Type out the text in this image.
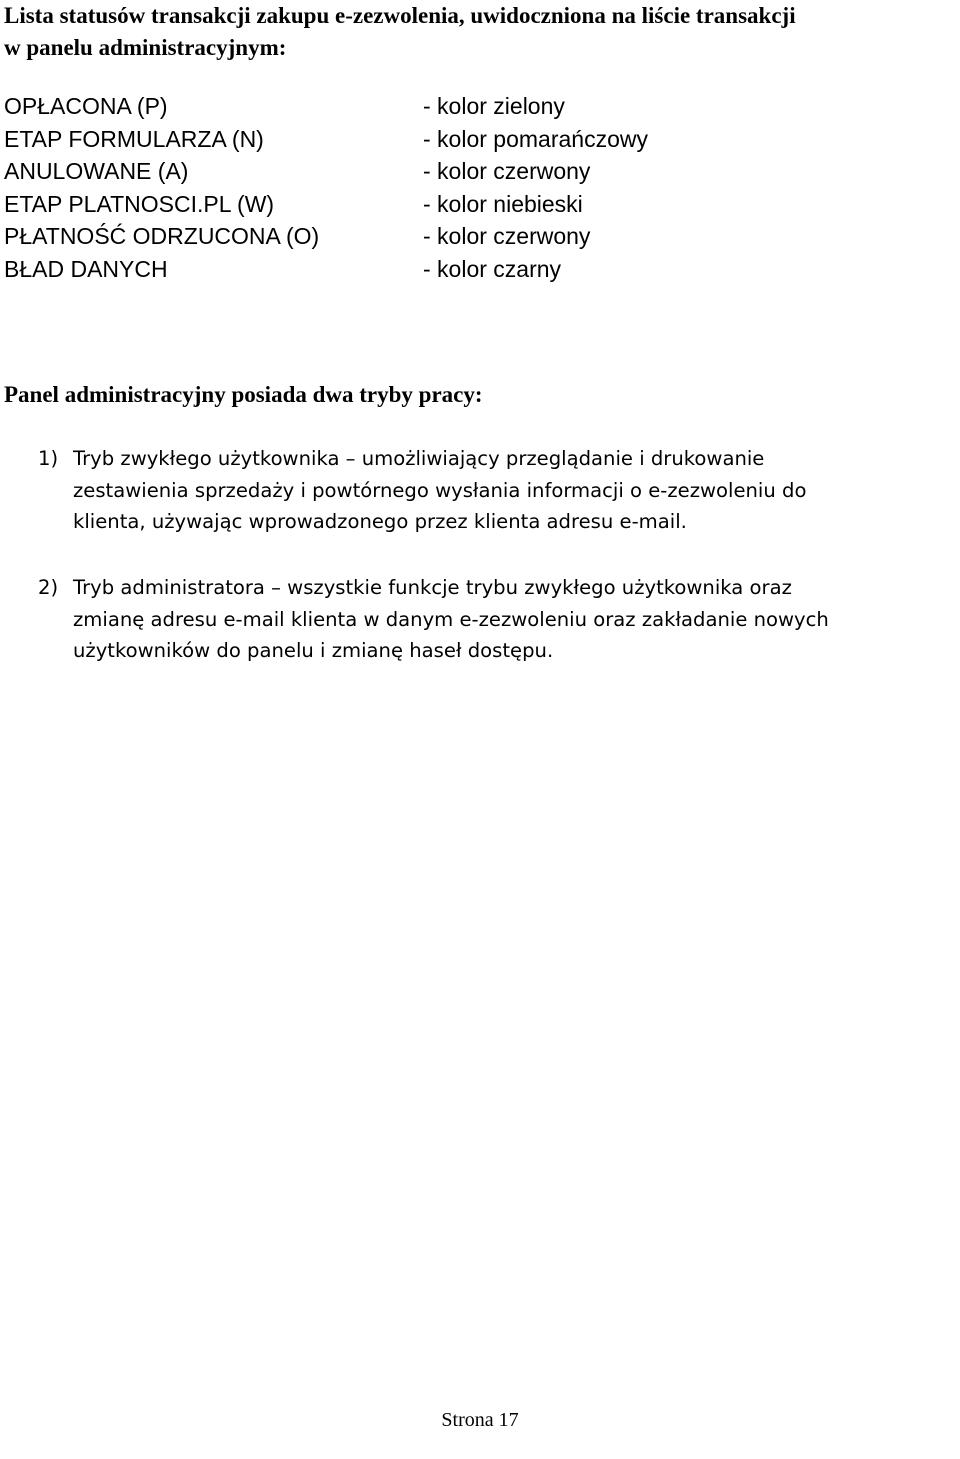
Lista statusów transakcji zakupu e-zezwolenia, uwidoczniona na liście transakcji
w panelu administracyjnym:
OPŁACONA (P)	- kolor zielony
ETAP FORMULARZA (N)	- kolor pomarańczowy
ANULOWANE (A)	- kolor czerwony
ETAP PLATNOSCI.PL (W)	- kolor niebieski
PŁATNOŚĆ ODRZUCONA (O)	- kolor czerwony
BŁAD DANYCH	- kolor czarny
Panel administracyjny posiada dwa tryby pracy:
1) Tryb zwykłego użytkownika – umożliwiający przeglądanie i drukowanie
zestawienia sprzedaży i powtórnego wysłania informacji o e-zezwoleniu do
klienta, używając wprowadzonego przez klienta adresu e-mail.
2) Tryb administratora – wszystkie funkcje trybu zwykłego użytkownika oraz
zmianę adresu e-mail klienta w danym e-zezwoleniu oraz zakładanie nowych
użytkowników do panelu i zmianę haseł dostępu.
Strona 17
